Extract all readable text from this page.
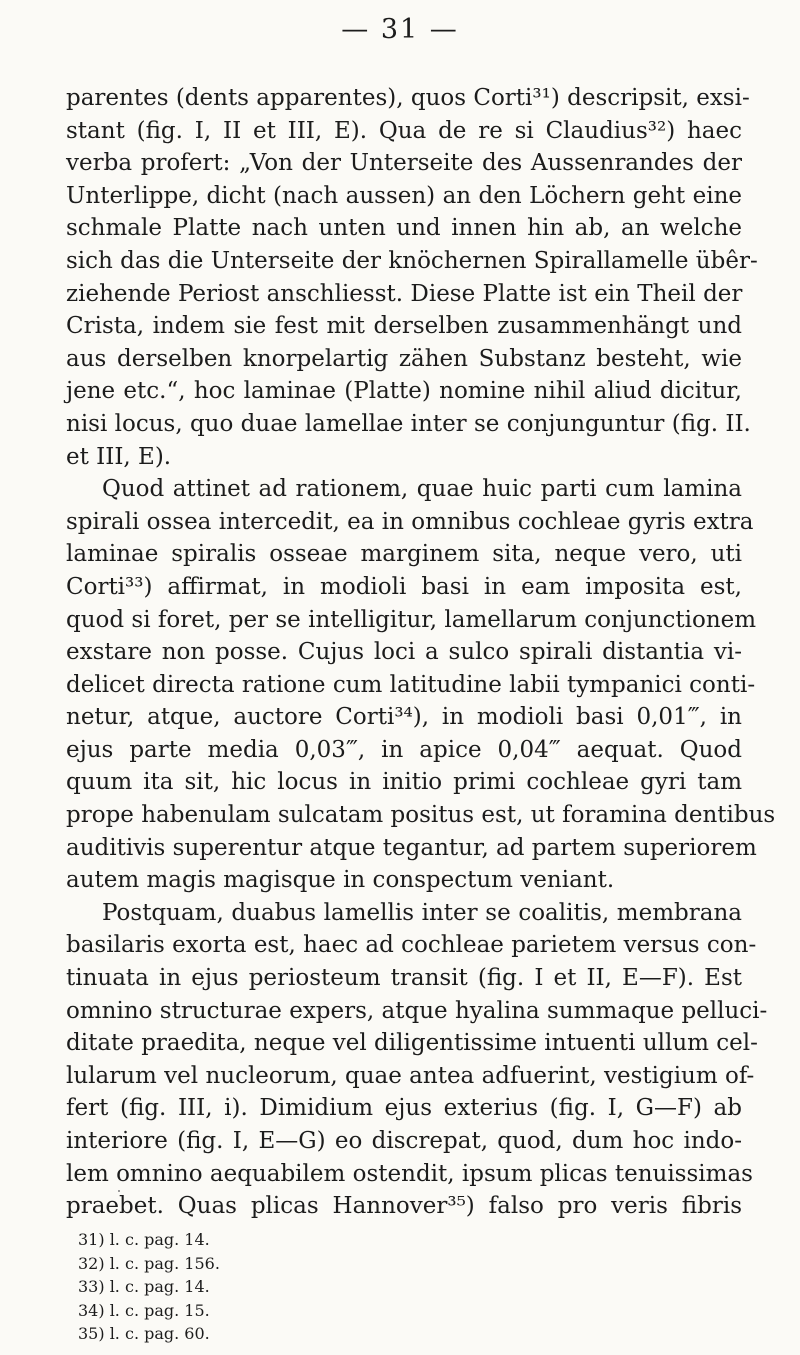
— 31 —
parentes (dents apparentes), quos Corti³¹) descripsit, exsi-
stant (fig. I, II et III, E). Qua de re si Claudius³²) haec
verba profert: „Von der Unterseite des Aussenrandes der
Unterlippe, dicht (nach aussen) an den Löchern geht eine
schmale Platte nach unten und innen hin ab, an welche
sich das die Unterseite der knöchernen Spirallamelle übêr-
ziehende Periost anschliesst. Diese Platte ist ein Theil der
Crista, indem sie fest mit derselben zusammenhängt und
aus derselben knorpelartig zähen Substanz besteht, wie
jene etc.“, hoc laminae (Platte) nomine nihil aliud dicitur,
nisi locus, quo duae lamellae inter se conjunguntur (fig. II.
et III, E).
Quod attinet ad rationem, quae huic parti cum lamina
spirali ossea intercedit, ea in omnibus cochleae gyris extra
laminae spiralis osseae marginem sita, neque vero, uti
Corti³³) affirmat, in modioli basi in eam imposita est,
quod si foret, per se intelligitur, lamellarum conjunctionem
exstare non posse. Cujus loci a sulco spirali distantia vi-
delicet directa ratione cum latitudine labii tympanici conti-
netur, atque, auctore Corti³⁴), in modioli basi 0,01‴, in
ejus parte media 0,03‴, in apice 0,04‴ aequat. Quod
quum ita sit, hic locus in initio primi cochleae gyri tam
prope habenulam sulcatam positus est, ut foramina dentibus
auditivis superentur atque tegantur, ad partem superiorem
autem magis magisque in conspectum veniant.
Postquam, duabus lamellis inter se coalitis, membrana
basilaris exorta est, haec ad cochleae parietem versus con-
tinuata in ejus periosteum transit (fig. I et II, E—F). Est
omnino structurae expers, atque hyalina summaque pelluci-
ditate praedita, neque vel diligentissime intuenti ullum cel-
lularum vel nucleorum, quae antea adfuerint, vestigium of-
fert (fig. III, i). Dimidium ejus exterius (fig. I, G—F) ab
interiore (fig. I, E—G) eo discrepat, quod, dum hoc indo-
lem omnino aequabilem ostendit, ipsum plicas tenuissimas
praebet. Quas plicas Hannover³⁵) falso pro veris fibris
31) l. c. pag. 14.
32) l. c. pag. 156.
33) l. c. pag. 14.
34) l. c. pag. 15.
35) l. c. pag. 60.
